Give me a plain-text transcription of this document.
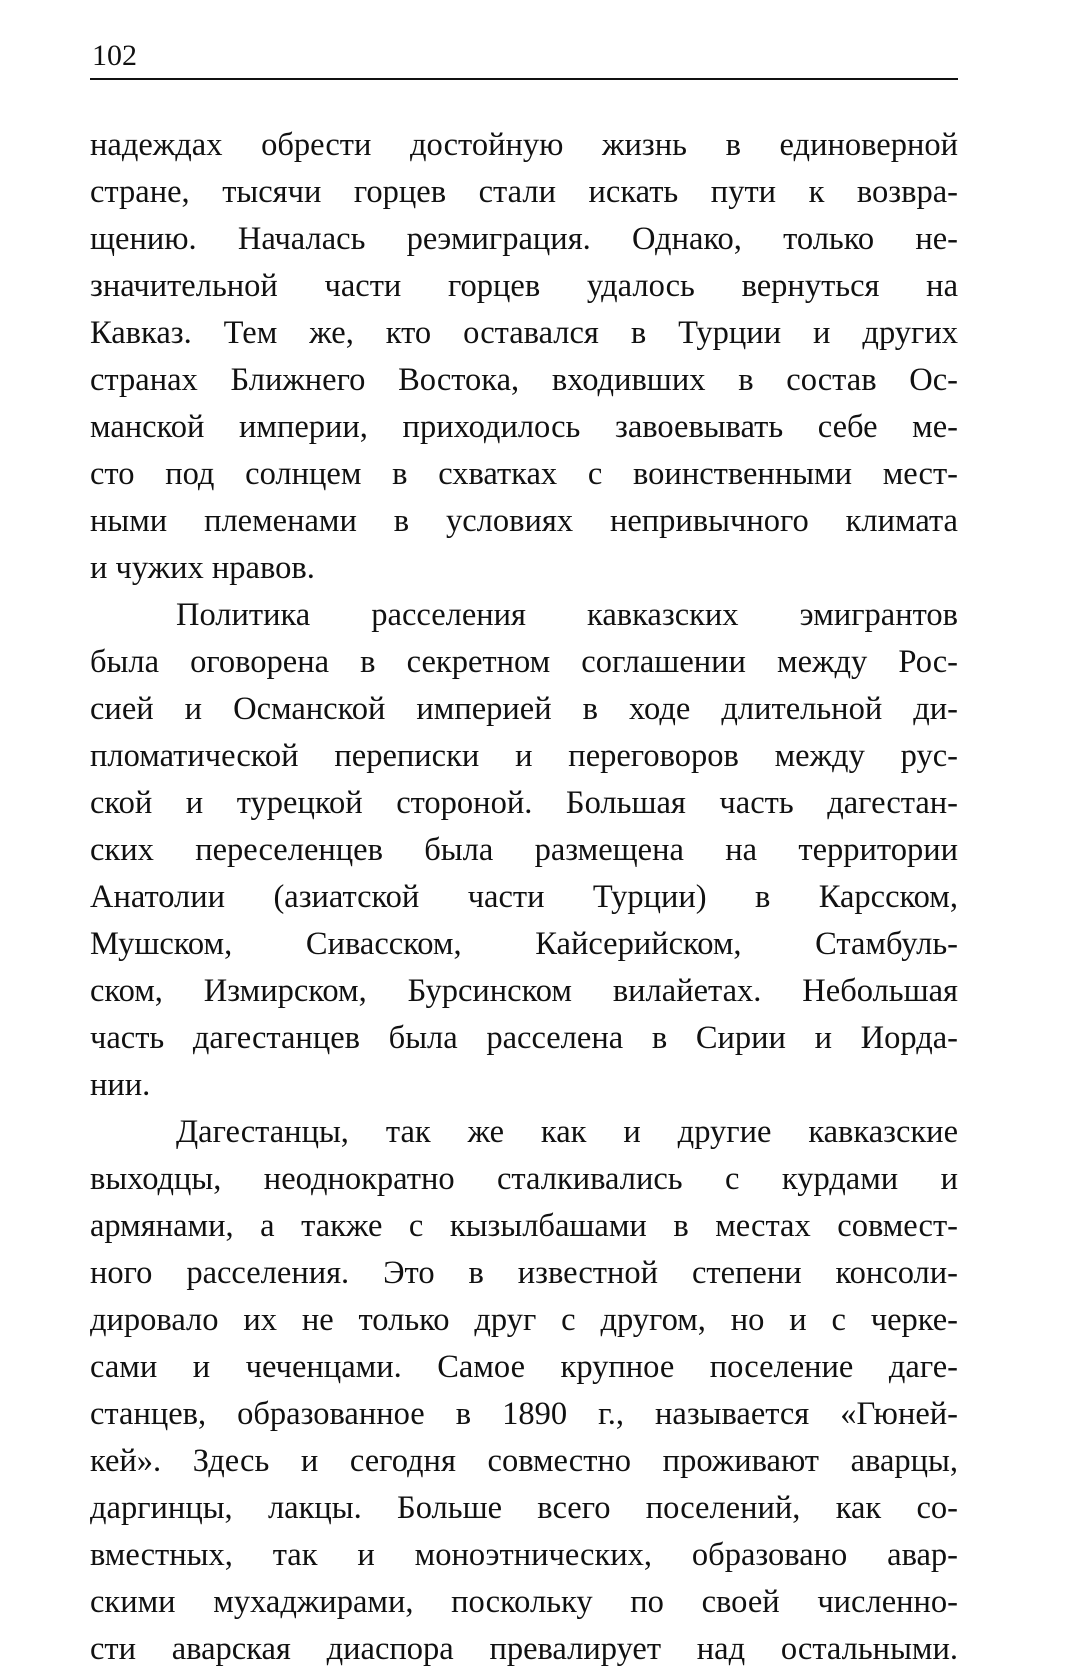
102
надеждах обрести достойную жизнь в единоверной
стране, тысячи горцев стали искать пути к возвра-
щению. Началась реэмиграция. Однако, только не-
значительной части горцев удалось вернуться на
Кавказ. Тем же, кто оставался в Турции и других
странах Ближнего Востока, входивших в состав Ос-
манской империи, приходилось завоевывать себе ме-
сто под солнцем в схватках с воинственными мест-
ными племенами в условиях непривычного климата
и чужих нравов.
Политика расселения кавказских эмигрантов
была оговорена в секретном соглашении между Рос-
сией и Османской империей в ходе длительной ди-
пломатической переписки и переговоров между рус-
ской и турецкой стороной. Большая часть дагестан-
ских переселенцев была размещена на территории
Анатолии (азиатской части Турции) в Карсском,
Мушском, Сивасском, Кайсерийском, Стамбуль-
ском, Измирском, Бурсинском вилайетах. Небольшая
часть дагестанцев была расселена в Сирии и Иорда-
нии.
Дагестанцы, так же как и другие кавказские
выходцы, неоднократно сталкивались с курдами и
армянами, а также с кызылбашами в местах совмест-
ного расселения. Это в известной степени консоли-
дировало их не только друг с другом, но и с черке-
сами и чеченцами. Самое крупное поселение даге-
станцев, образованное в 1890 г., называется «Гюней-
кей». Здесь и сегодня совместно проживают аварцы,
даргинцы, лакцы. Больше всего поселений, как со-
вместных, так и моноэтнических, образовано авар-
скими мухаджирами, поскольку по своей численно-
сти аварская диаспора превалирует над остальными.
